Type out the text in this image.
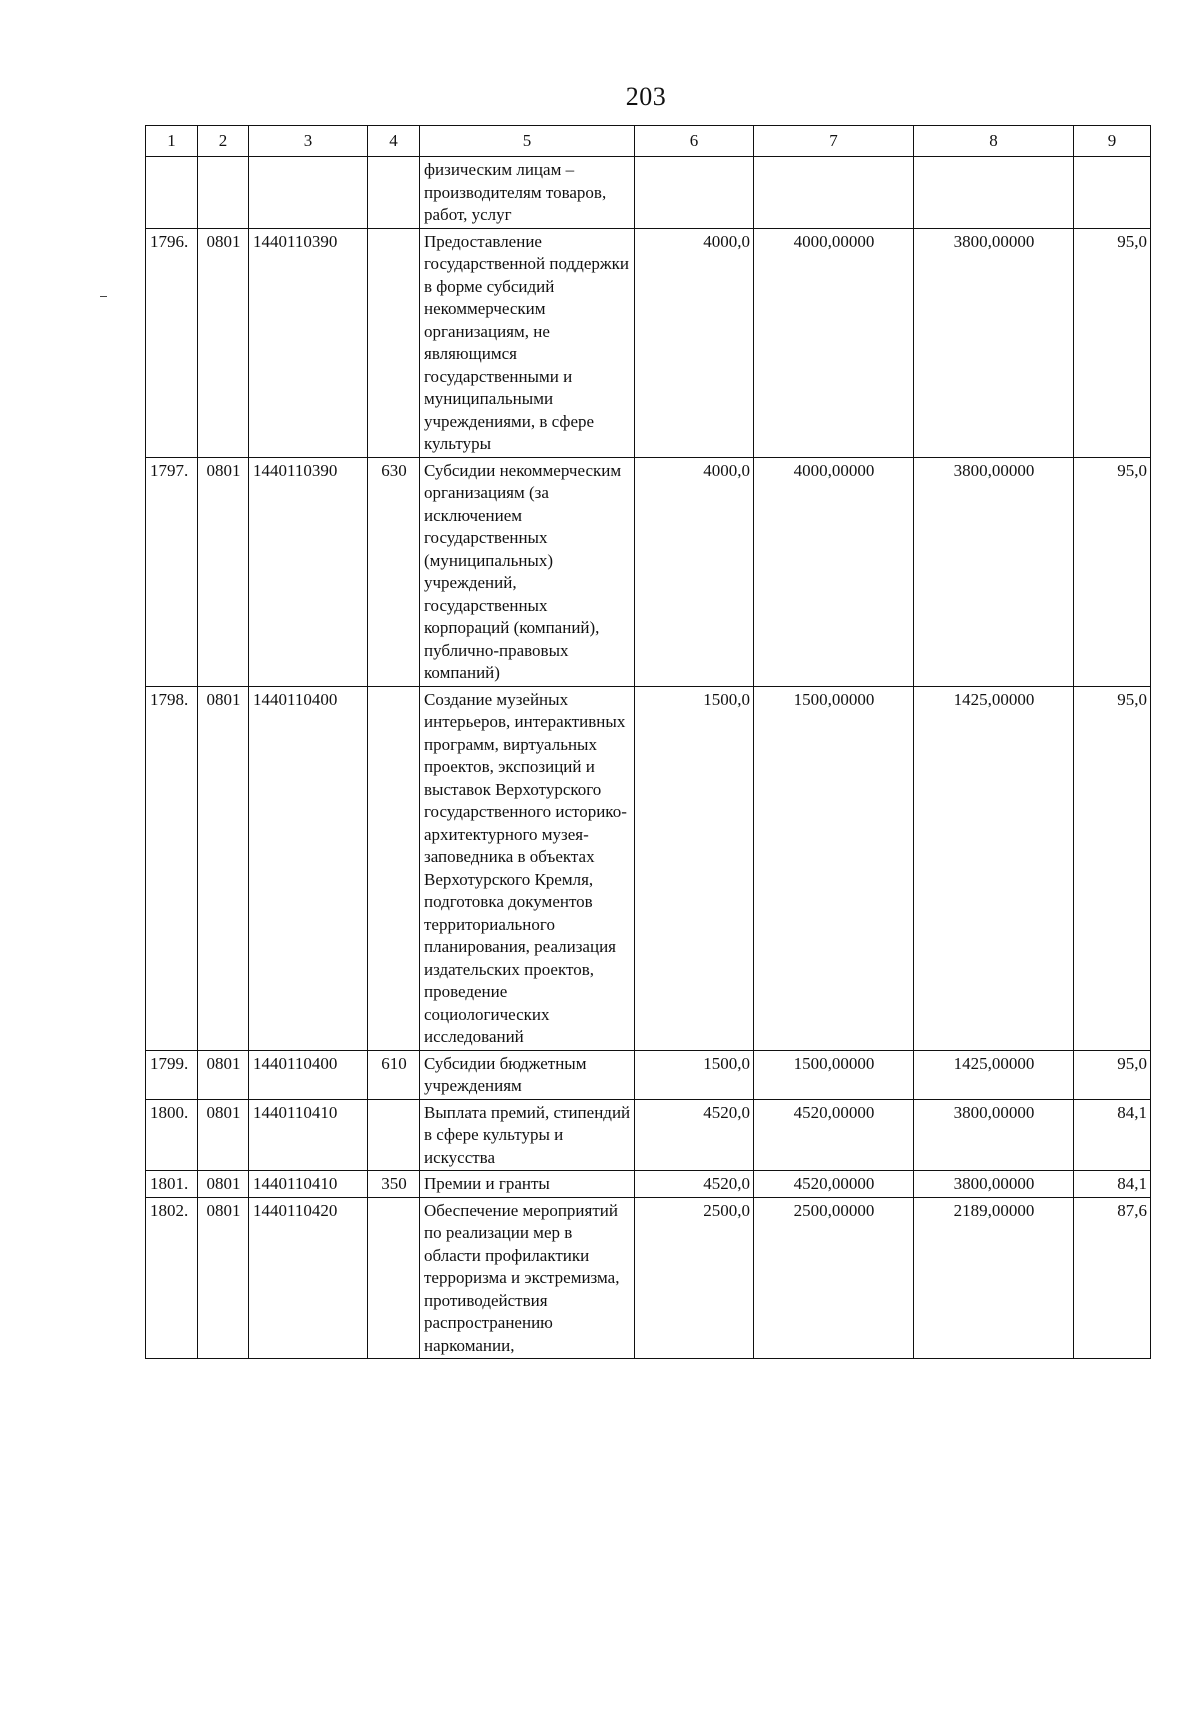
203
1	2	3	4	5	6	7	8	9
				физическим лицам – производителям товаров, работ, услуг				
1796.	0801	1440110390		Предоставление государственной поддержки в форме субсидий некоммерческим организациям, не являющимся государственными и муниципальными учреждениями, в сфере культуры	4000,0	4000,00000	3800,00000	95,0
1797.	0801	1440110390	630	Субсидии некоммерческим организациям (за исключением государственных (муниципальных) учреждений, государственных корпораций (компаний), публично-правовых компаний)	4000,0	4000,00000	3800,00000	95,0
1798.	0801	1440110400		Создание музейных интерьеров, интерактивных программ, виртуальных проектов, экспозиций и выставок Верхотурского государственного историко-архитектурного музея-заповедника в объектах Верхотурского Кремля, подготовка документов территориального планирования, реализация издательских проектов, проведение социологических исследований	1500,0	1500,00000	1425,00000	95,0
1799.	0801	1440110400	610	Субсидии бюджетным учреждениям	1500,0	1500,00000	1425,00000	95,0
1800.	0801	1440110410		Выплата премий, стипендий в сфере культуры и искусства	4520,0	4520,00000	3800,00000	84,1
1801.	0801	1440110410	350	Премии и гранты	4520,0	4520,00000	3800,00000	84,1
1802.	0801	1440110420		Обеспечение мероприятий по реализации мер в области профилактики терроризма и экстремизма, противодействия распространению наркомании,	2500,0	2500,00000	2189,00000	87,6
